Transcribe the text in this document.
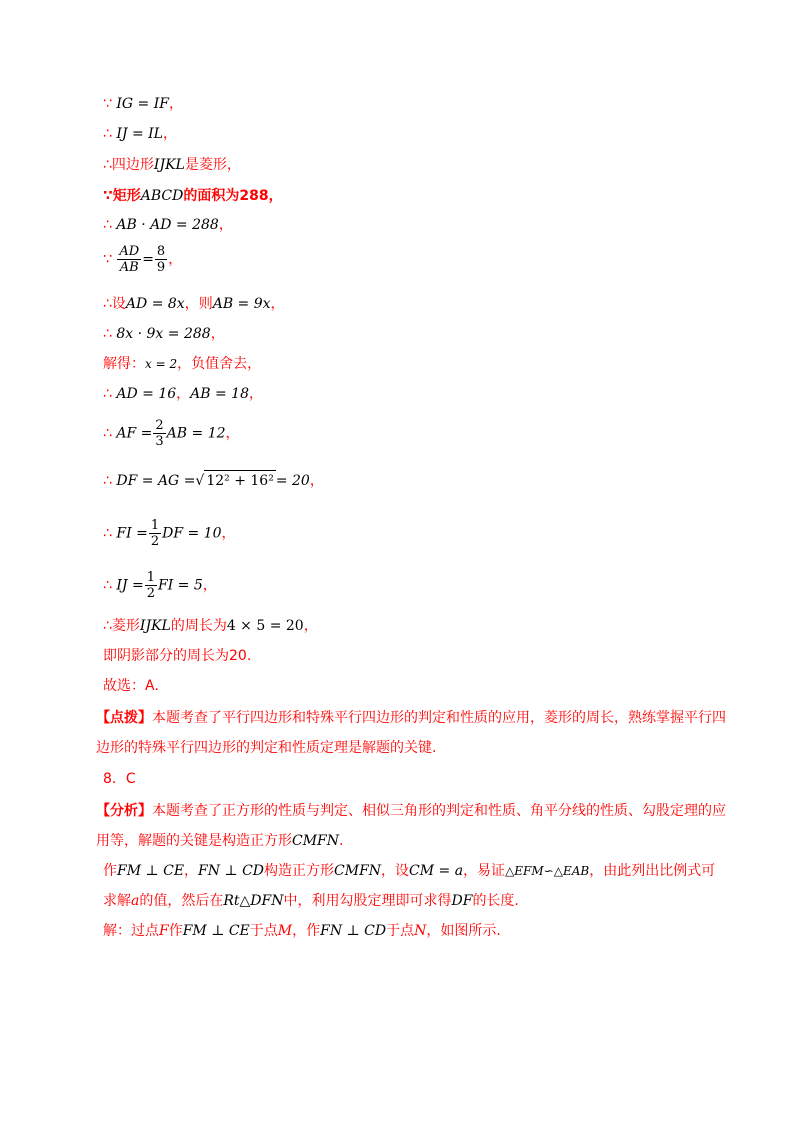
∵ IG = IF，
∴ IJ = IL，
∴四边形IJKL是菱形，
∵矩形ABCD的面积为288，
∴ AB · AD = 288，
∵ $\frac{AD}{AB} = \frac{8}{9}$ ，
∴设AD = 8x，则AB = 9x，
∴ 8x · 9x = 288，
解得：x = 2，负值舍去，
∴ AD = 16，AB = 18，
∴ AF = $\frac{2}{3}$ AB = 12，
∴ DF = AG =√ 12² + 16² = 20，
∴ FI = $\frac{1}{2}$ DF = 10，
∴ IJ = $\frac{1}{2}$ FI = 5，
∴菱形IJKL的周长为4 × 5 = 20，
即阴影部分的周长为20.
故选：A.
【点拨】本题考查了平行四边形和特殊平行四边形的判定和性质的应用，菱形的周长，熟练掌握平行四边形的特殊平行四边形的判定和性质定理是解题的关键.
8．C
【分析】本题考查了正方形的性质与判定、相似三角形的判定和性质、角平分线的性质、勾股定理的应用等，解题的关键是构造正方形CMFN.
作FM ⊥ CE，FN ⊥ CD构造正方形CMFN，设CM = a，易证△EFM∽△EAB，由此列出比例式可求解a的值，然后在Rt△DFN中，利用勾股定理即可求得DF的长度.
解：过点F作FM ⊥ CE于点M，作FN ⊥ CD于点N，如图所示.
